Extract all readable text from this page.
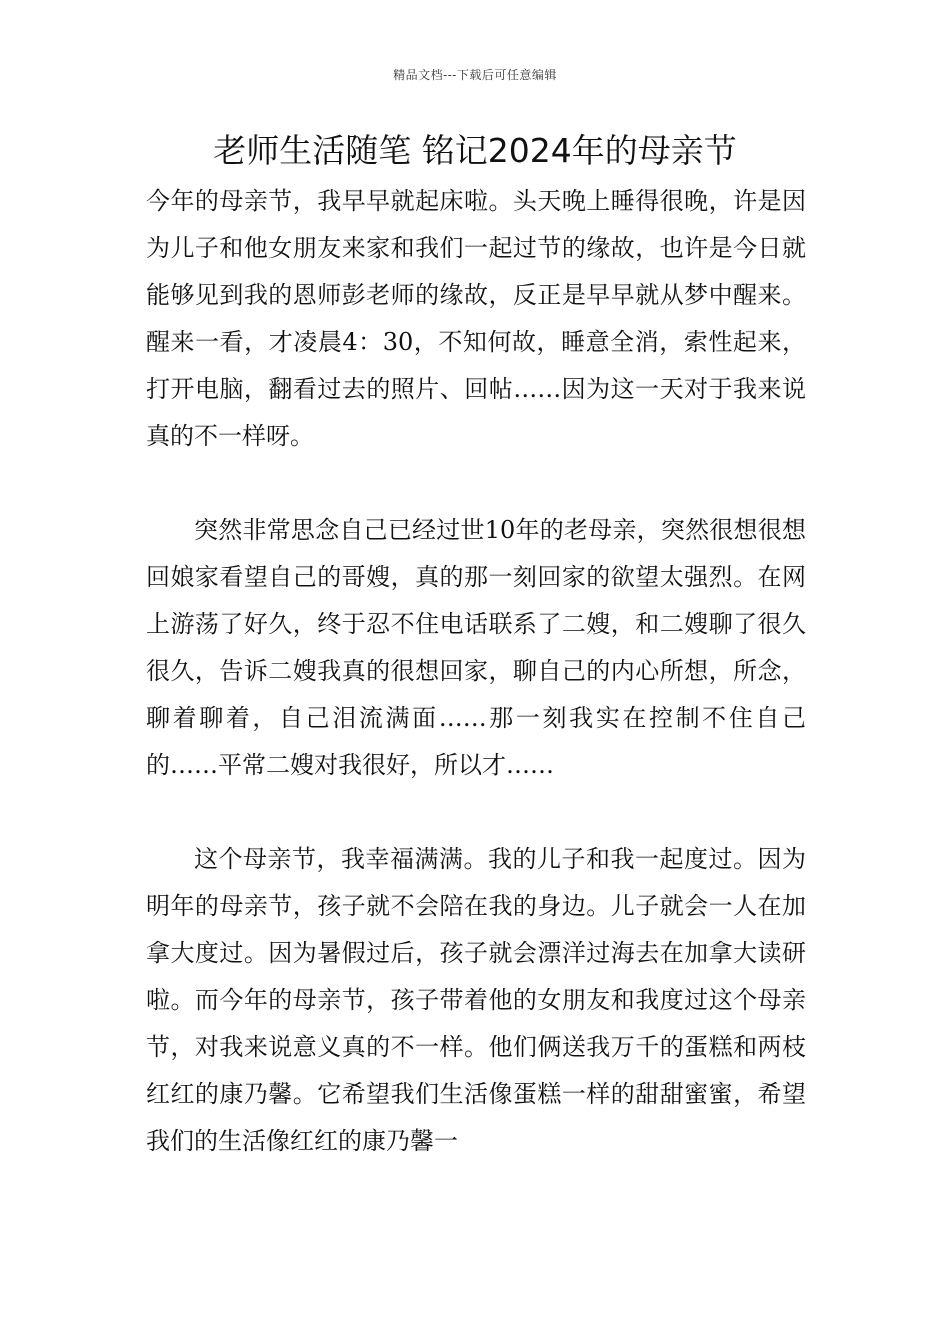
精品文档---下载后可任意编辑
老师生活随笔 铭记2024年的母亲节

今年的母亲节，我早早就起床啦。头天晚上睡得很晚，许是因为儿子和他女朋友来家和我们一起过节的缘故，也许是今日就能够见到我的恩师彭老师的缘故，反正是早早就从梦中醒来。醒来一看，才凌晨4：30，不知何故，睡意全消，索性起来，打开电脑，翻看过去的照片、回帖……因为这一天对于我来说真的不一样呀。

突然非常思念自己已经过世10年的老母亲，突然很想很想回娘家看望自己的哥嫂，真的那一刻回家的欲望太强烈。在网上游荡了好久，终于忍不住电话联系了二嫂，和二嫂聊了很久很久，告诉二嫂我真的很想回家，聊自己的内心所想，所念，聊着聊着，自己泪流满面……那一刻我实在控制不住自己的……平常二嫂对我很好，所以才……

这个母亲节，我幸福满满。我的儿子和我一起度过。因为明年的母亲节，孩子就不会陪在我的身边。儿子就会一人在加拿大度过。因为暑假过后，孩子就会漂洋过海去在加拿大读研啦。而今年的母亲节，孩子带着他的女朋友和我度过这个母亲节，对我来说意义真的不一样。他们俩送我万千的蛋糕和两枝红红的康乃馨。它希望我们生活像蛋糕一样的甜甜蜜蜜，希望我们的生活像红红的康乃馨一
